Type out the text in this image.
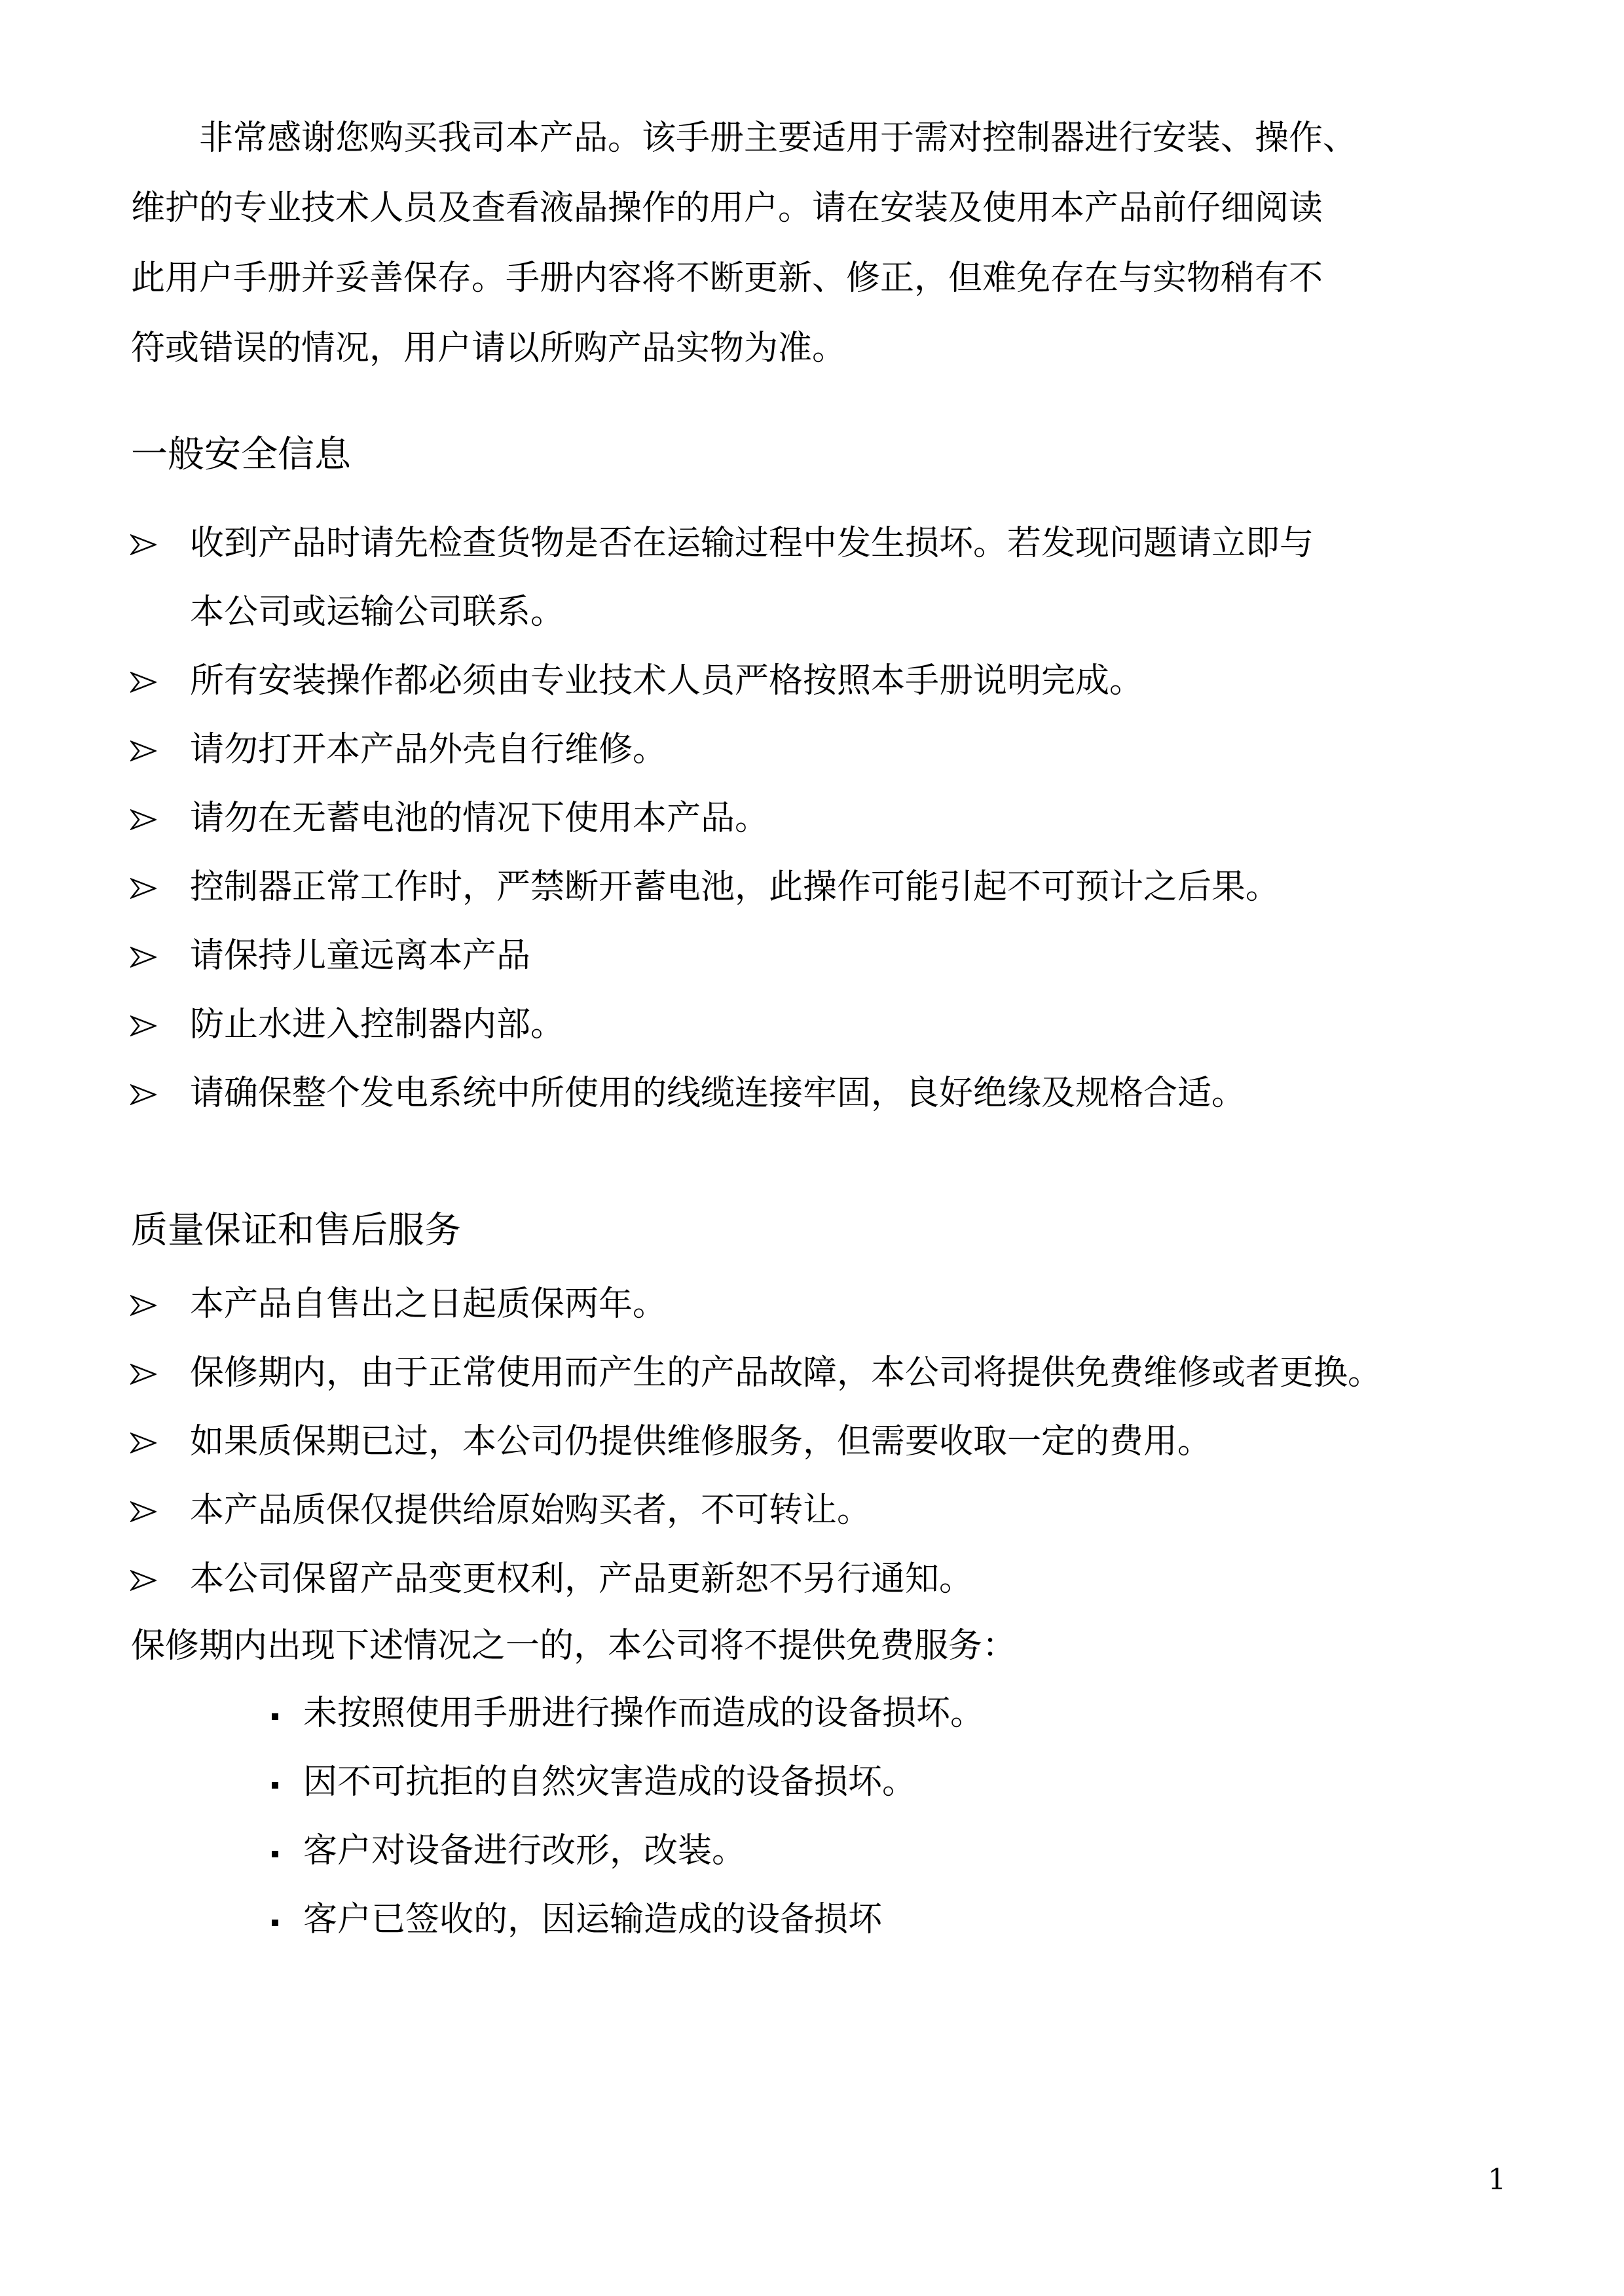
非常感谢您购买我司本产品。该手册主要适用于需对控制器进行安装、操作、
维护的专业技术人员及查看液晶操作的用户。请在安装及使用本产品前仔细阅读
此用户手册并妥善保存。手册内容将不断更新、修正，但难免存在与实物稍有不
符或错误的情况，用户请以所购产品实物为准。

一般安全信息
收到产品时请先检查货物是否在运输过程中发生损坏。若发现问题请立即与
本公司或运输公司联系。
所有安装操作都必须由专业技术人员严格按照本手册说明完成。
请勿打开本产品外壳自行维修。
请勿在无蓄电池的情况下使用本产品。
控制器正常工作时，严禁断开蓄电池，此操作可能引起不可预计之后果。
请保持儿童远离本产品
防止水进入控制器内部。
请确保整个发电系统中所使用的线缆连接牢固，良好绝缘及规格合适。
质量保证和售后服务
本产品自售出之日起质保两年。
保修期内，由于正常使用而产生的产品故障，本公司将提供免费维修或者更换。
如果质保期已过，本公司仍提供维修服务，但需要收取一定的费用。
本产品质保仅提供给原始购买者，不可转让。
本公司保留产品变更权利，产品更新恕不另行通知。

保修期内出现下述情况之一的，本公司将不提供免费服务：

未按照使用手册进行操作而造成的设备损坏。
因不可抗拒的自然灾害造成的设备损坏。
客户对设备进行改形，改装。
客户已签收的，因运输造成的设备损坏
1
